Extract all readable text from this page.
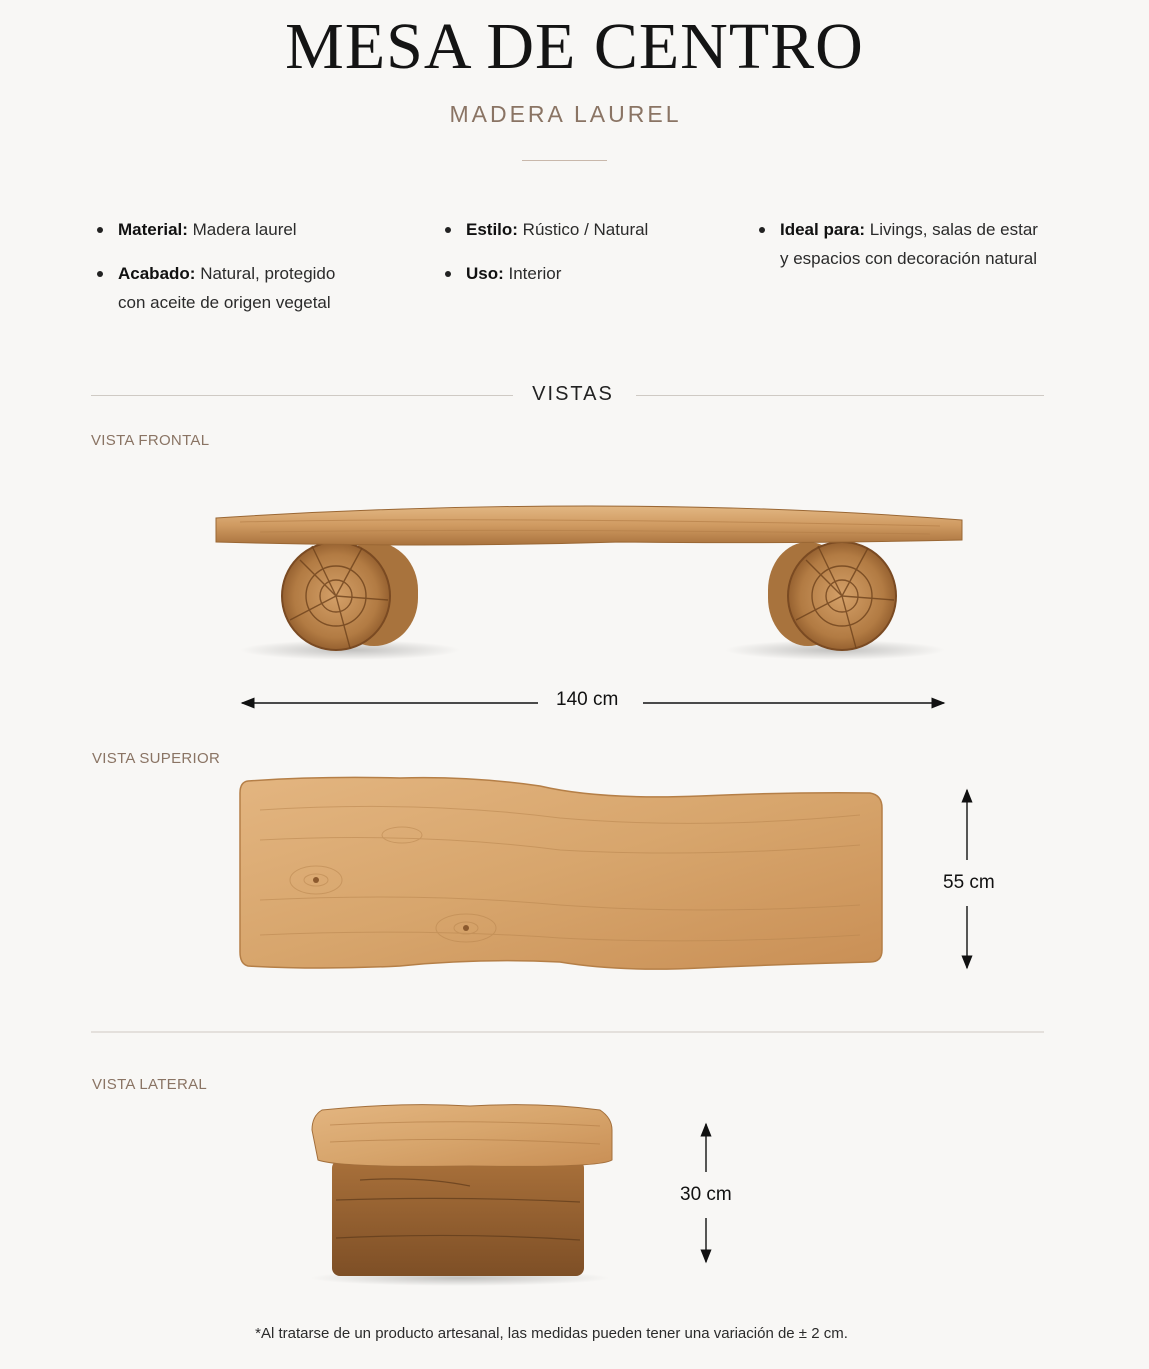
MESA DE CENTRO
MADERA LAUREL
Material: Madera laurel
Acabado: Natural, protegido
con aceite de origen vegetal
Estilo: Rústico / Natural
Uso: Interior
Ideal para: Livings, salas de estar
y espacios con decoración natural
VISTAS
VISTA FRONTAL
140 cm
VISTA SUPERIOR
55 cm
VISTA LATERAL
30 cm
*Al tratarse de un producto artesanal, las medidas pueden tener una variación de ± 2 cm.
